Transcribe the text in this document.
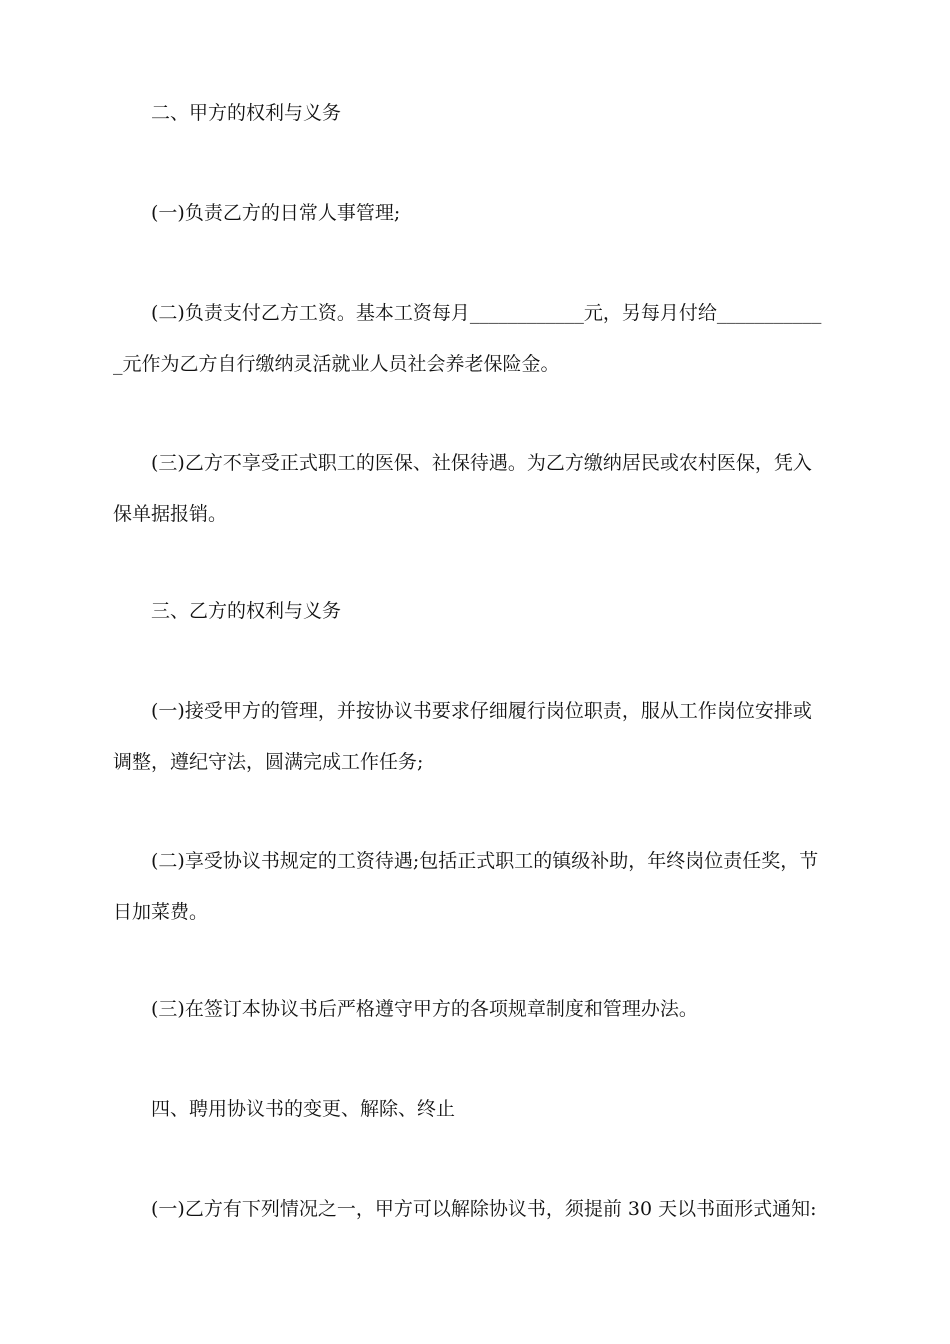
二、甲方的权利与义务
(一)负责乙方的日常人事管理;
(二)负责支付乙方工资。基本工资每月____________元，另每月付给___________
_元作为乙方自行缴纳灵活就业人员社会养老保险金。
(三)乙方不享受正式职工的医保、社保待遇。为乙方缴纳居民或农村医保，凭入
保单据报销。
三、乙方的权利与义务
(一)接受甲方的管理，并按协议书要求仔细履行岗位职责，服从工作岗位安排或
调整，遵纪守法，圆满完成工作任务;
(二)享受协议书规定的工资待遇;包括正式职工的镇级补助，年终岗位责任奖，节
日加菜费。
(三)在签订本协议书后严格遵守甲方的各项规章制度和管理办法。
四、聘用协议书的变更、解除、终止
(一)乙方有下列情况之一，甲方可以解除协议书，须提前 30 天以书面形式通知:
